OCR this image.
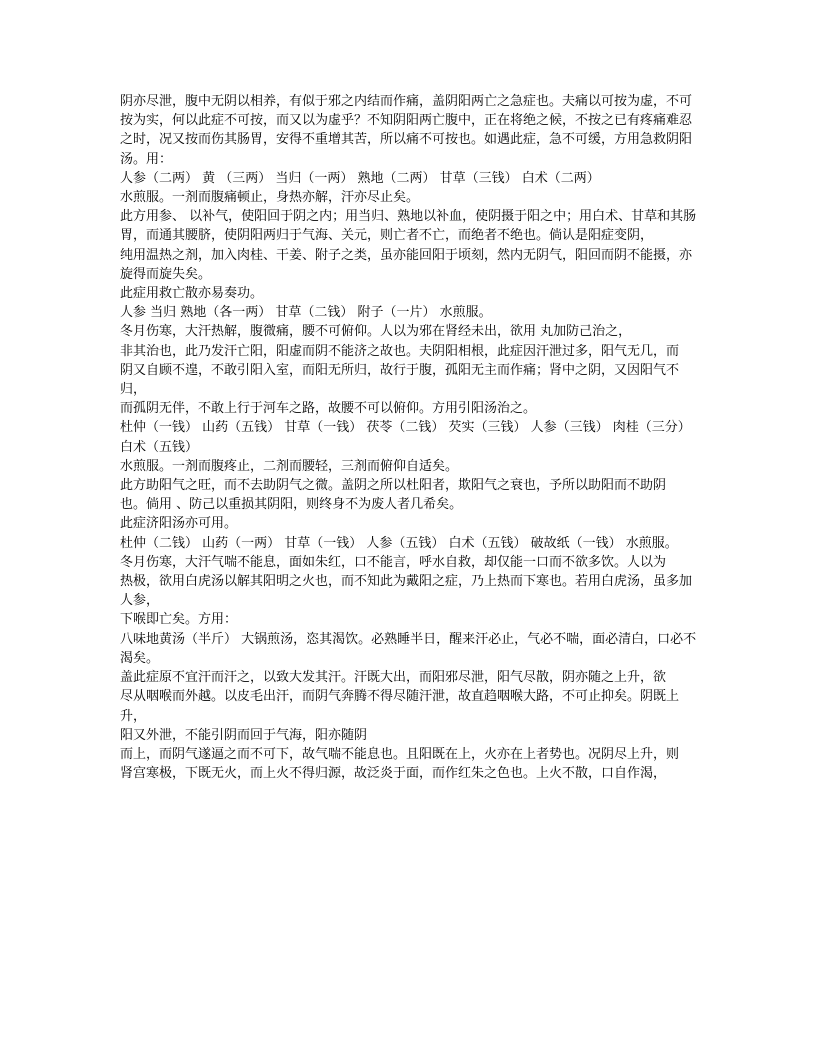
阴亦尽泄，腹中无阴以相养，有似于邪之内结而作痛，盖阴阳两亡之急症也。夫痛以可按为虚，不可

按为实，何以此症不可按，而又以为虚乎？不知阴阳两亡腹中，正在将绝之候，不按之已有疼痛难忍

之时，况又按而伤其肠胃，安得不重增其苦，所以痛不可按也。如遇此症，急不可缓，方用急救阴阳汤。用：

人参（二两） 黄 （三两） 当归（一两） 熟地（二两） 甘草（三钱） 白术（二两）

水煎服。一剂而腹痛顿止，身热亦解，汗亦尽止矣。

此方用参、 以补气，使阳回于阴之内；用当归、熟地以补血，使阴摄于阳之中；用白术、甘草和其肠胃，而通其腰脐，使阴阳两归于气海、关元，则亡者不亡，而绝者不绝也。倘认是阳症变阴，

纯用温热之剂，加入肉桂、干姜、附子之类，虽亦能回阳于顷刻，然内无阴气，阳回而阴不能摄，亦

旋得而旋失矣。

此症用救亡散亦易奏功。

人参 当归 熟地（各一两） 甘草（二钱） 附子（一片） 水煎服。

冬月伤寒，大汗热解，腹微痛，腰不可俯仰。人以为邪在肾经未出，欲用 丸加防己治之，

非其治也，此乃发汗亡阳，阳虚而阴不能济之故也。夫阴阳相根，此症因汗泄过多，阳气无几，而

阴又自顾不遑，不敢引阳入室，而阳无所归，故行于腹，孤阳无主而作痛；肾中之阴，又因阳气不归，

而孤阴无伴，不敢上行于河车之路，故腰不可以俯仰。方用引阳汤治之。

杜仲（一钱） 山药（五钱） 甘草（一钱） 茯苓（二钱） 芡实（三钱） 人参（三钱） 肉桂（三分）

白术（五钱）

水煎服。一剂而腹疼止，二剂而腰轻，三剂而俯仰自适矣。

此方助阳气之旺，而不去助阴气之微。盖阴之所以杜阳者，欺阳气之衰也，予所以助阳而不助阴

也。倘用 、防己以重损其阴阳，则终身不为废人者几希矣。

此症济阳汤亦可用。

杜仲（二钱） 山药（一两） 甘草（一钱） 人参（五钱） 白术（五钱） 破故纸（一钱） 水煎服。

冬月伤寒，大汗气喘不能息，面如朱红，口不能言，呼水自救，却仅能一口而不欲多饮。人以为

热极，欲用白虎汤以解其阳明之火也，而不知此为戴阳之症，乃上热而下寒也。若用白虎汤，虽多加人参，

下喉即亡矣。方用：

八味地黄汤（半斤） 大锅煎汤，恣其渴饮。必熟睡半日，醒来汗必止，气必不喘，面必清白，口必不渴矣。

盖此症原不宜汗而汗之，以致大发其汗。汗既大出，而阳邪尽泄，阳气尽散，阴亦随之上升，欲

尽从咽喉而外越。以皮毛出汗，而阴气奔腾不得尽随汗泄，故直趋咽喉大路，不可止抑矣。阴既上升，

阳又外泄，不能引阴而回于气海，阳亦随阴

而上，而阴气遂逼之而不可下，故气喘不能息也。且阳既在上，火亦在上者势也。况阴尽上升，则

肾宫寒极，下既无火，而上火不得归源，故泛炎于面，而作红朱之色也。上火不散，口自作渴，
